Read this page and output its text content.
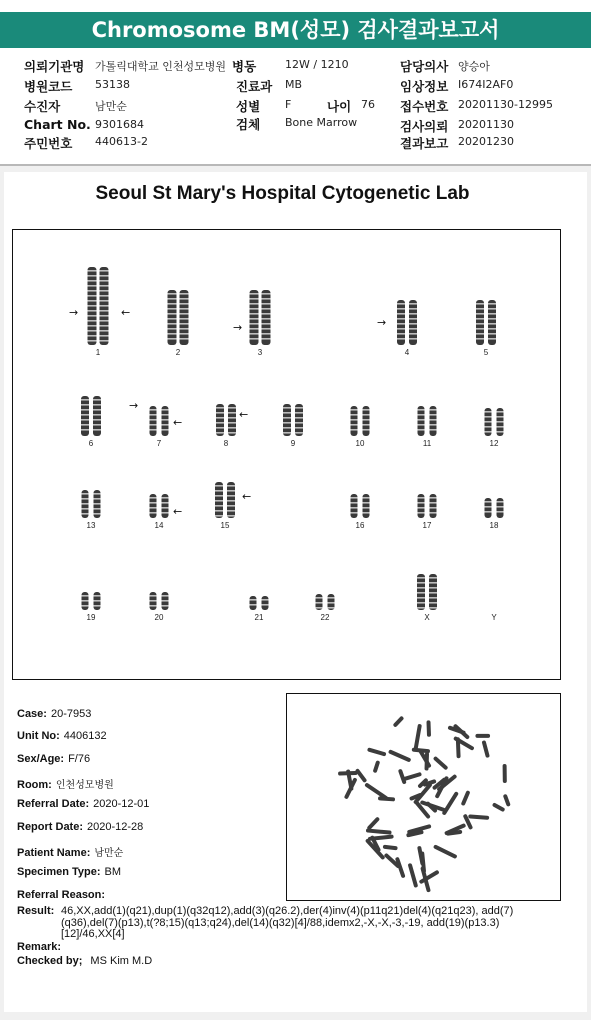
Chromosome BM(성모) 검사결과보고서
의뢰기관명 가톨릭대학교 인천성모병원 병동	12W / 1210	담당의사 양승아
병원코드 53138	진료과 MB	임상정보 I674I2AF0
수진자	남만순	성별 F	나이 76 접수번호 20201130-12995
Chart No. 9301684	검체 Bone Marrow	검사의뢰 20201130
주민번호 440613-2	결과보고 20201230
Seoul St Mary's Hospital Cytogenetic Lab
1	2	3	4	5
6	7	8	9	10	11	12
13	14	15	16	17	18
19	20	21	22	X	Y
→	←
→	→
→
←
←
←
←
Case: 20-7953
Unit No: 4406132
Sex/Age: F/76
Room: 인천성모병원
Referral Date: 2020-12-01
Report Date: 2020-12-28
Patient Name: 남만순
Specimen Type: BM
Referral Reason:
Result: 46,XX,add(1)(q21),dup(1)(q32q12),add(3)(q26.2),der(4)inv(4)(p11q21)del(4)(q21q23), add(7)(q36),del(7)(p13),t(?8;15)(q13;q24),del(14)(q32)[4]/88,idemx2,-X,-X,-3,-19, add(19)(p13.3)[12]/46,XX[4]
Remark:
Checked by; MS Kim M.D
